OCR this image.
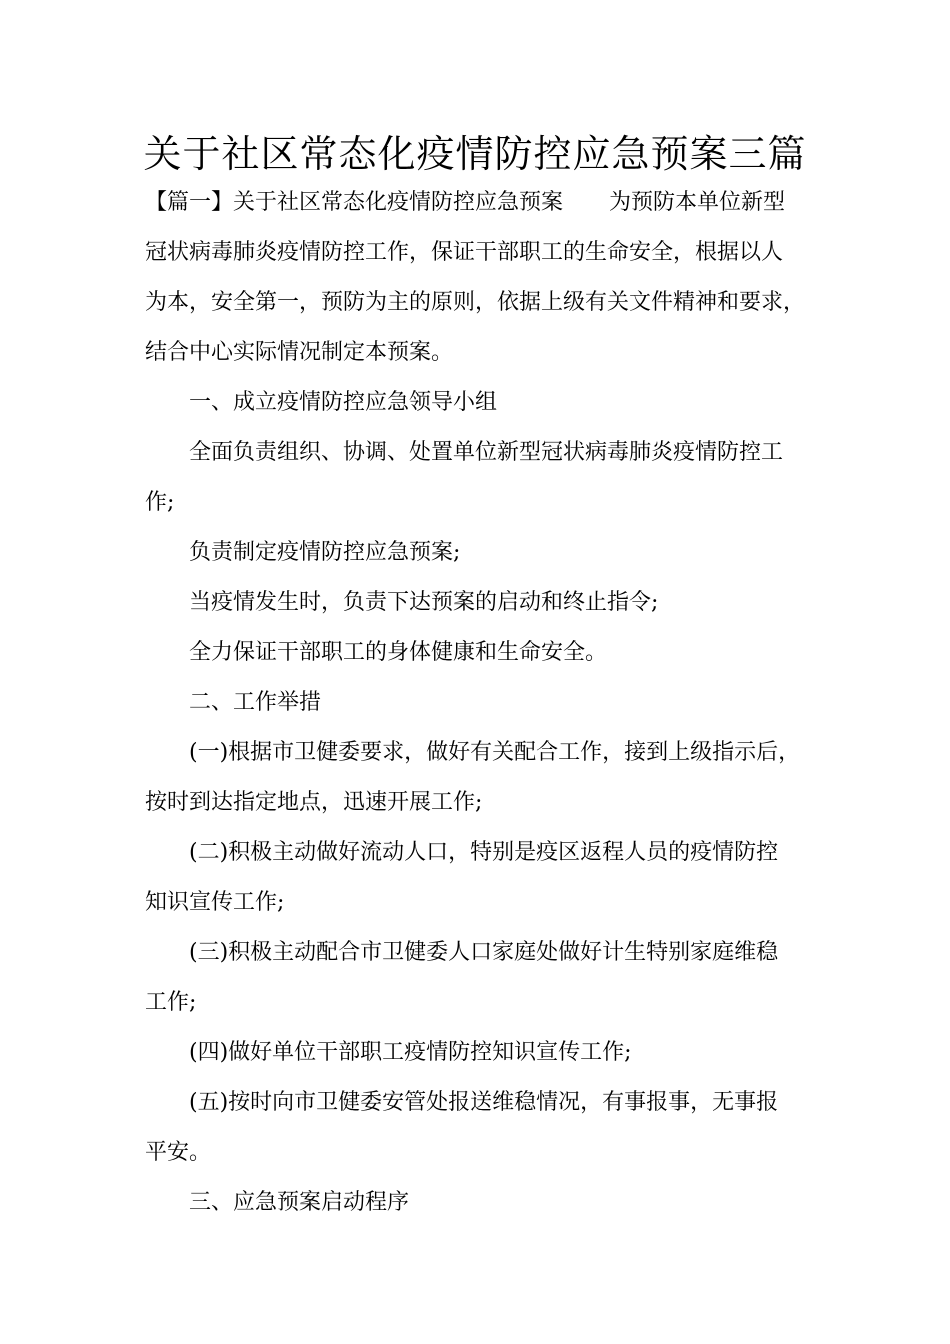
关于社区常态化疫情防控应急预案三篇
【篇一】关于社区常态化疫情防控应急预案 为预防本单位新型
冠状病毒肺炎疫情防控工作，保证干部职工的生命安全，根据以人
为本，安全第一，预防为主的原则，依据上级有关文件精神和要求，
结合中心实际情况制定本预案。
一、成立疫情防控应急领导小组
全面负责组织、协调、处置单位新型冠状病毒肺炎疫情防控工
作;
负责制定疫情防控应急预案;
当疫情发生时，负责下达预案的启动和终止指令;
全力保证干部职工的身体健康和生命安全。
二、工作举措
(一)根据市卫健委要求，做好有关配合工作，接到上级指示后，
按时到达指定地点，迅速开展工作;
(二)积极主动做好流动人口，特别是疫区返程人员的疫情防控
知识宣传工作;
(三)积极主动配合市卫健委人口家庭处做好计生特别家庭维稳
工作;
(四)做好单位干部职工疫情防控知识宣传工作;
(五)按时向市卫健委安管处报送维稳情况，有事报事，无事报
平安。
三、应急预案启动程序
